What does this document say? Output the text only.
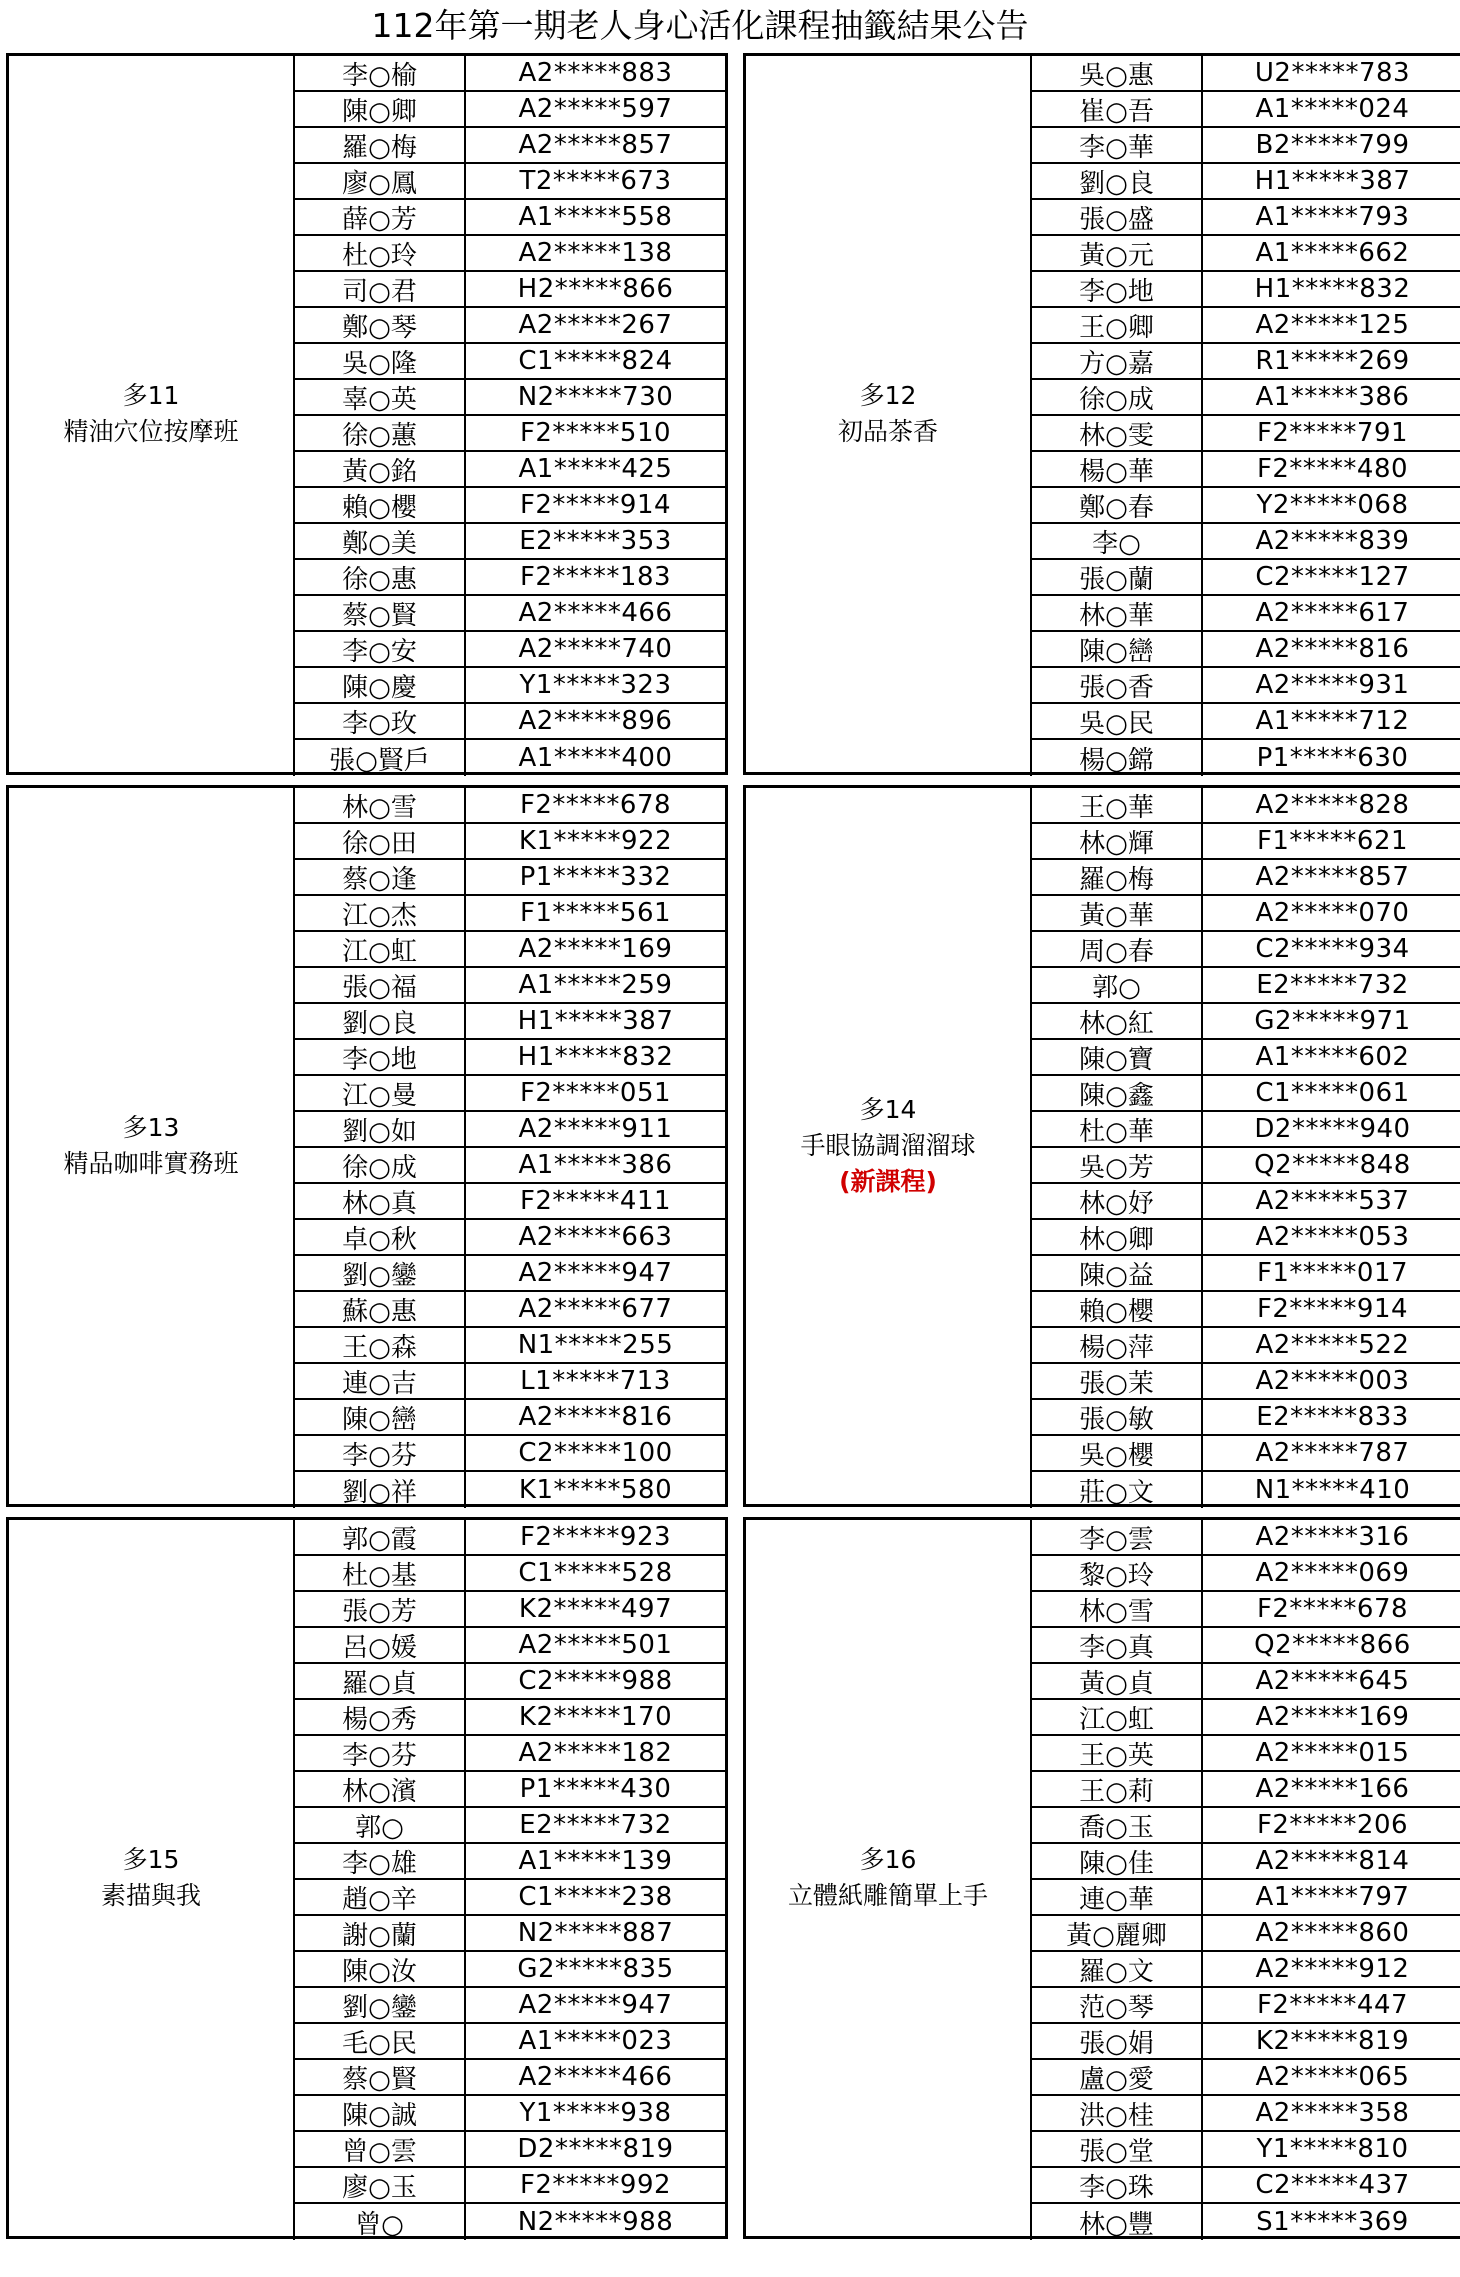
112年第一期老人身心活化課程抽籤結果公告
多11
精油穴位按摩班
李○榆	A2*****883
陳○卿	A2*****597
羅○梅	A2*****857
廖○鳳	T2*****673
薛○芳	A1*****558
杜○玲	A2*****138
司○君	H2*****866
鄭○琴	A2*****267
吳○隆	C1*****824
辜○英	N2*****730
徐○蕙	F2*****510
黃○銘	A1*****425
賴○櫻	F2*****914
鄭○美	E2*****353
徐○惠	F2*****183
蔡○賢	A2*****466
李○安	A2*****740
陳○慶	Y1*****323
李○玫	A2*****896
張○賢戶	A1*****400
多12
初品茶香
吳○惠	U2*****783
崔○吾	A1*****024
李○華	B2*****799
劉○良	H1*****387
張○盛	A1*****793
黃○元	A1*****662
李○地	H1*****832
王○卿	A2*****125
方○嘉	R1*****269
徐○成	A1*****386
林○雯	F2*****791
楊○華	F2*****480
鄭○春	Y2*****068
李○	A2*****839
張○蘭	C2*****127
林○華	A2*****617
陳○巒	A2*****816
張○香	A2*****931
吳○民	A1*****712
楊○鏛	P1*****630
多13
精品咖啡實務班
林○雪	F2*****678
徐○田	K1*****922
蔡○逢	P1*****332
江○杰	F1*****561
江○虹	A2*****169
張○福	A1*****259
劉○良	H1*****387
李○地	H1*****832
江○曼	F2*****051
劉○如	A2*****911
徐○成	A1*****386
林○真	F2*****411
卓○秋	A2*****663
劉○鑾	A2*****947
蘇○惠	A2*****677
王○森	N1*****255
連○吉	L1*****713
陳○巒	A2*****816
李○芬	C2*****100
劉○祥	K1*****580
多14
手眼協調溜溜球
(新課程)
王○華	A2*****828
林○輝	F1*****621
羅○梅	A2*****857
黃○華	A2*****070
周○春	C2*****934
郭○	E2*****732
林○紅	G2*****971
陳○寶	A1*****602
陳○鑫	C1*****061
杜○華	D2*****940
吳○芳	Q2*****848
林○妤	A2*****537
林○卿	A2*****053
陳○益	F1*****017
賴○櫻	F2*****914
楊○萍	A2*****522
張○茉	A2*****003
張○敏	E2*****833
吳○櫻	A2*****787
莊○文	N1*****410
多15
素描與我
郭○霞	F2*****923
杜○基	C1*****528
張○芳	K2*****497
呂○媛	A2*****501
羅○貞	C2*****988
楊○秀	K2*****170
李○芬	A2*****182
林○濱	P1*****430
郭○	E2*****732
李○雄	A1*****139
趙○辛	C1*****238
謝○蘭	N2*****887
陳○汝	G2*****835
劉○鑾	A2*****947
毛○民	A1*****023
蔡○賢	A2*****466
陳○誠	Y1*****938
曾○雲	D2*****819
廖○玉	F2*****992
曾○	N2*****988
多16
立體紙雕簡單上手
李○雲	A2*****316
黎○玲	A2*****069
林○雪	F2*****678
李○真	Q2*****866
黃○貞	A2*****645
江○虹	A2*****169
王○英	A2*****015
王○莉	A2*****166
喬○玉	F2*****206
陳○佳	A2*****814
連○華	A1*****797
黃○麗卿	A2*****860
羅○文	A2*****912
范○琴	F2*****447
張○娟	K2*****819
盧○愛	A2*****065
洪○桂	A2*****358
張○堂	Y1*****810
李○珠	C2*****437
林○豐	S1*****369
